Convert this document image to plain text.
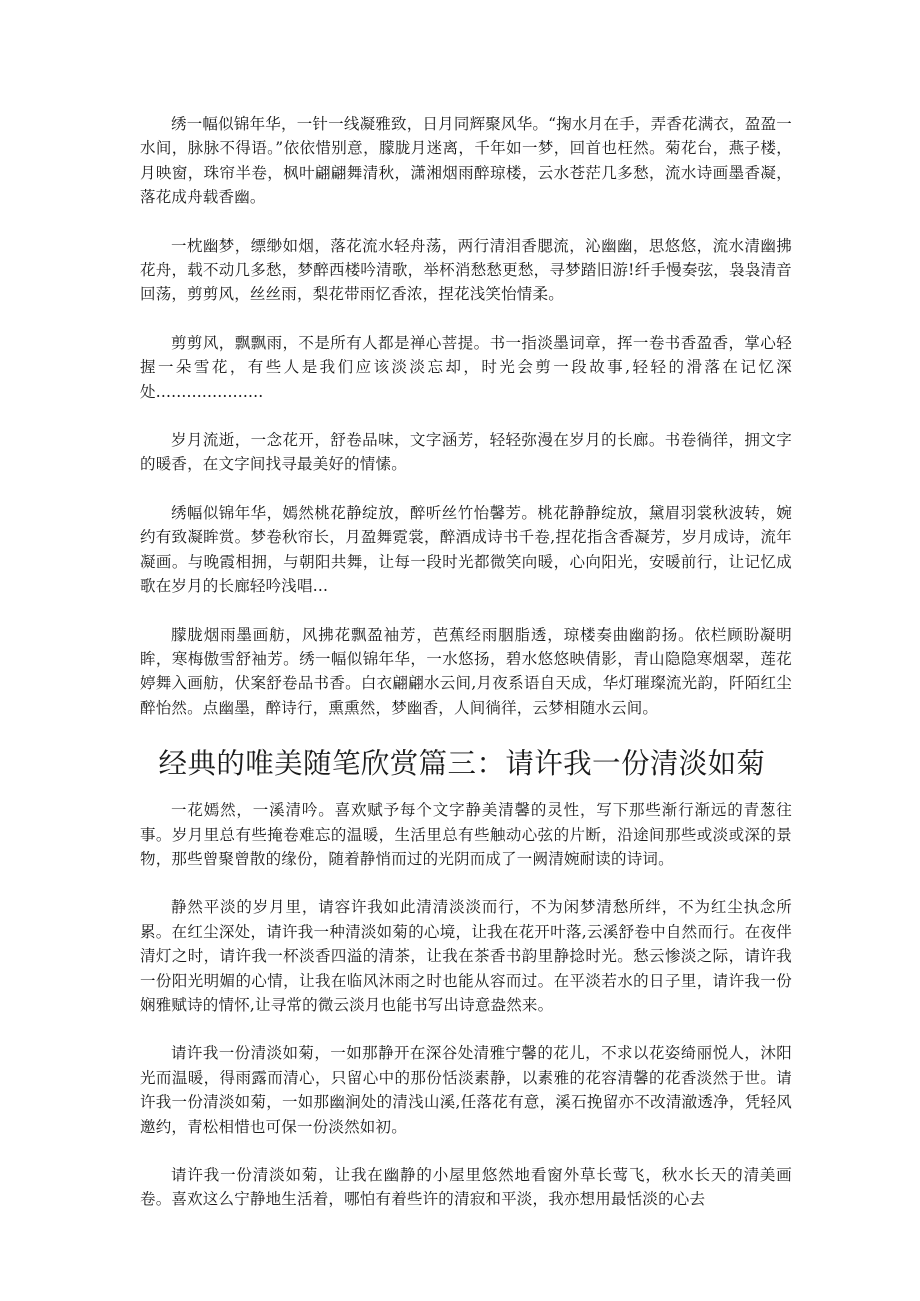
绣一幅似锦年华，一针一线凝雅致，日月同辉聚风华。“掬水月在手，弄香花满衣，盈盈一水间，脉脉不得语。”依依惜别意，朦胧月迷离，千年如一梦，回首也枉然。菊花台，燕子楼，月映窗，珠帘半卷，枫叶翩翩舞清秋，潇湘烟雨醉琼楼，云水苍茫几多愁，流水诗画墨香凝，落花成舟载香幽。

一枕幽梦，缥缈如烟，落花流水轻舟荡，两行清泪香腮流，沁幽幽，思悠悠，流水清幽拂花舟，载不动几多愁，梦醉西楼吟清歌，举杯消愁愁更愁，寻梦踏旧游!纤手慢奏弦，袅袅清音回荡，剪剪风，丝丝雨，梨花带雨忆香浓，捏花浅笑怡情柔。

剪剪风，飘飘雨，不是所有人都是禅心菩提。书一指淡墨词章，挥一卷书香盈香，掌心轻握一朵雪花，有些人是我们应该淡淡忘却，时光会剪一段故事,轻轻的滑落在记忆深处.....................

岁月流逝，一念花开，舒卷品味，文字涵芳，轻轻弥漫在岁月的长廊。书卷徜徉，拥文字的暖香，在文字间找寻最美好的情愫。

绣幅似锦年华，嫣然桃花静绽放，醉听丝竹怡馨芳。桃花静静绽放，黛眉羽裳秋波转，婉约有致凝眸赏。梦卷秋帘长，月盈舞霓裳，醉酒成诗书千卷,捏花指含香凝芳，岁月成诗，流年凝画。与晚霞相拥，与朝阳共舞，让每一段时光都微笑向暖，心向阳光，安暖前行，让记忆成歌在岁月的长廊轻吟浅唱...

朦胧烟雨墨画舫，风拂花飘盈袖芳，芭蕉经雨胭脂透，琼楼奏曲幽韵扬。依栏顾盼凝明眸，寒梅傲雪舒袖芳。绣一幅似锦年华，一水悠扬，碧水悠悠映倩影，青山隐隐寒烟翠，莲花婷舞入画舫，伏案舒卷品书香。白衣翩翩水云间,月夜系语自天成，华灯璀璨流光韵，阡陌红尘醉怡然。点幽墨，醉诗行，熏熏然，梦幽香，人间徜徉，云梦相随水云间。

经典的唯美随笔欣赏篇三：请许我一份清淡如菊

一花嫣然，一溪清吟。喜欢赋予每个文字静美清馨的灵性，写下那些渐行渐远的青葱往事。岁月里总有些掩卷难忘的温暖，生活里总有些触动心弦的片断，沿途间那些或淡或深的景物，那些曾聚曾散的缘份，随着静悄而过的光阴而成了一阙清婉耐读的诗词。

静然平淡的岁月里，请容许我如此清清淡淡而行，不为闲梦清愁所绊，不为红尘执念所累。在红尘深处，请许我一种清淡如菊的心境，让我在花开叶落,云溪舒卷中自然而行。在夜伴清灯之时，请许我一杯淡香四溢的清茶，让我在茶香书韵里静捻时光。愁云惨淡之际，请许我一份阳光明媚的心情，让我在临风沐雨之时也能从容而过。在平淡若水的日子里，请许我一份娴雅赋诗的情怀,让寻常的微云淡月也能书写出诗意盎然来。

请许我一份清淡如菊，一如那静开在深谷处清雅宁馨的花儿，不求以花姿绮丽悦人，沐阳光而温暖，得雨露而清心，只留心中的那份恬淡素静，以素雅的花容清馨的花香淡然于世。请许我一份清淡如菊，一如那幽涧处的清浅山溪,任落花有意，溪石挽留亦不改清澈透净，凭轻风邀约，青松相惜也可保一份淡然如初。

请许我一份清淡如菊，让我在幽静的小屋里悠然地看窗外草长莺飞，秋水长天的清美画卷。喜欢这么宁静地生活着，哪怕有着些许的清寂和平淡，我亦想用最恬淡的心去
